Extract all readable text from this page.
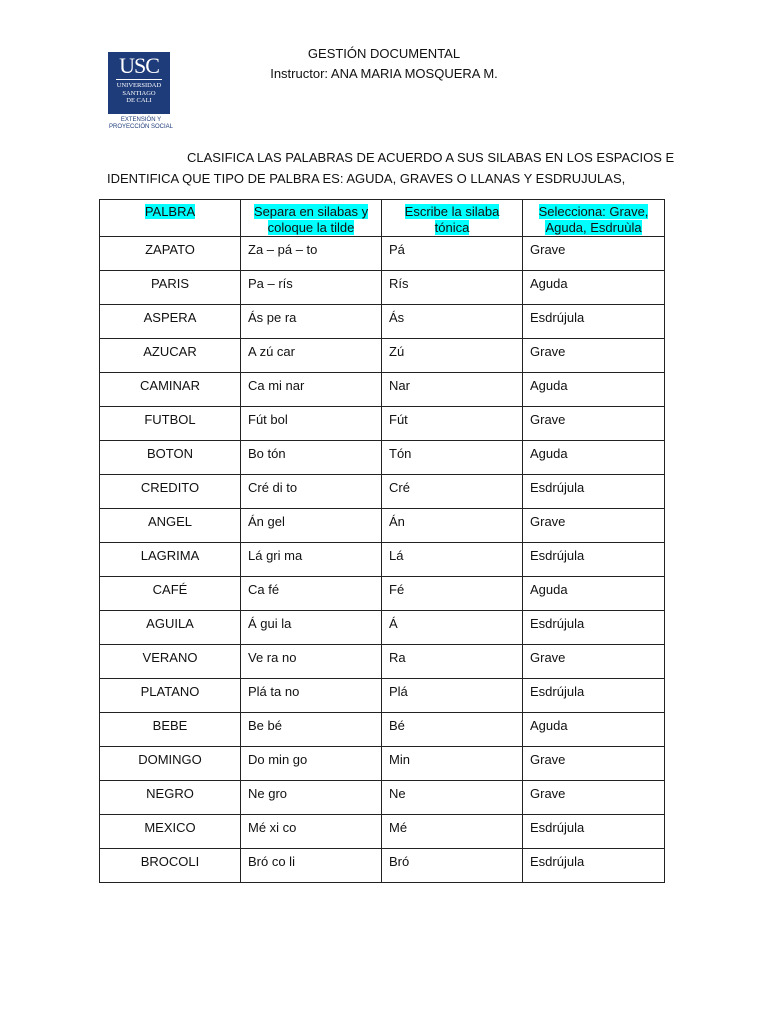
USC
UNIVERSIDAD
SANTIAGO
DE CALI
EXTENSIÓN Y
PROYECCIÓN SOCIAL
GESTIÓN DOCUMENTAL
Instructor: ANA MARIA MOSQUERA M.
CLASIFICA LAS PALABRAS DE ACUERDO A SUS SILABAS EN LOS ESPACIOS E
IDENTIFICA QUE TIPO DE PALBRA ES: AGUDA, GRAVES O LLANAS Y ESDRUJULAS,
PALBRA	Separa en silabas y coloque la tilde	Escribe la silaba tónica	Selecciona: Grave, Aguda, Esdruùla
ZAPATO	Za – pá – to	Pá	Grave
PARIS	Pa – rís	Rís	Aguda
ASPERA	Ás pe ra	Ás	Esdrújula
AZUCAR	A zú car	Zú	Grave
CAMINAR	Ca mi nar	Nar	Aguda
FUTBOL	Fút bol	Fút	Grave
BOTON	Bo tón	Tón	Aguda
CREDITO	Cré di to	Cré	Esdrújula
ANGEL	Án gel	Án	Grave
LAGRIMA	Lá gri ma	Lá	Esdrújula
CAFÉ	Ca fé	Fé	Aguda
AGUILA	Á gui la	Á	Esdrújula
VERANO	Ve ra no	Ra	Grave
PLATANO	Plá ta no	Plá	Esdrújula
BEBE	Be bé	Bé	Aguda
DOMINGO	Do min go	Min	Grave
NEGRO	Ne gro	Ne	Grave
MEXICO	Mé xi co	Mé	Esdrújula
BROCOLI	Bró co li	Bró	Esdrújula
